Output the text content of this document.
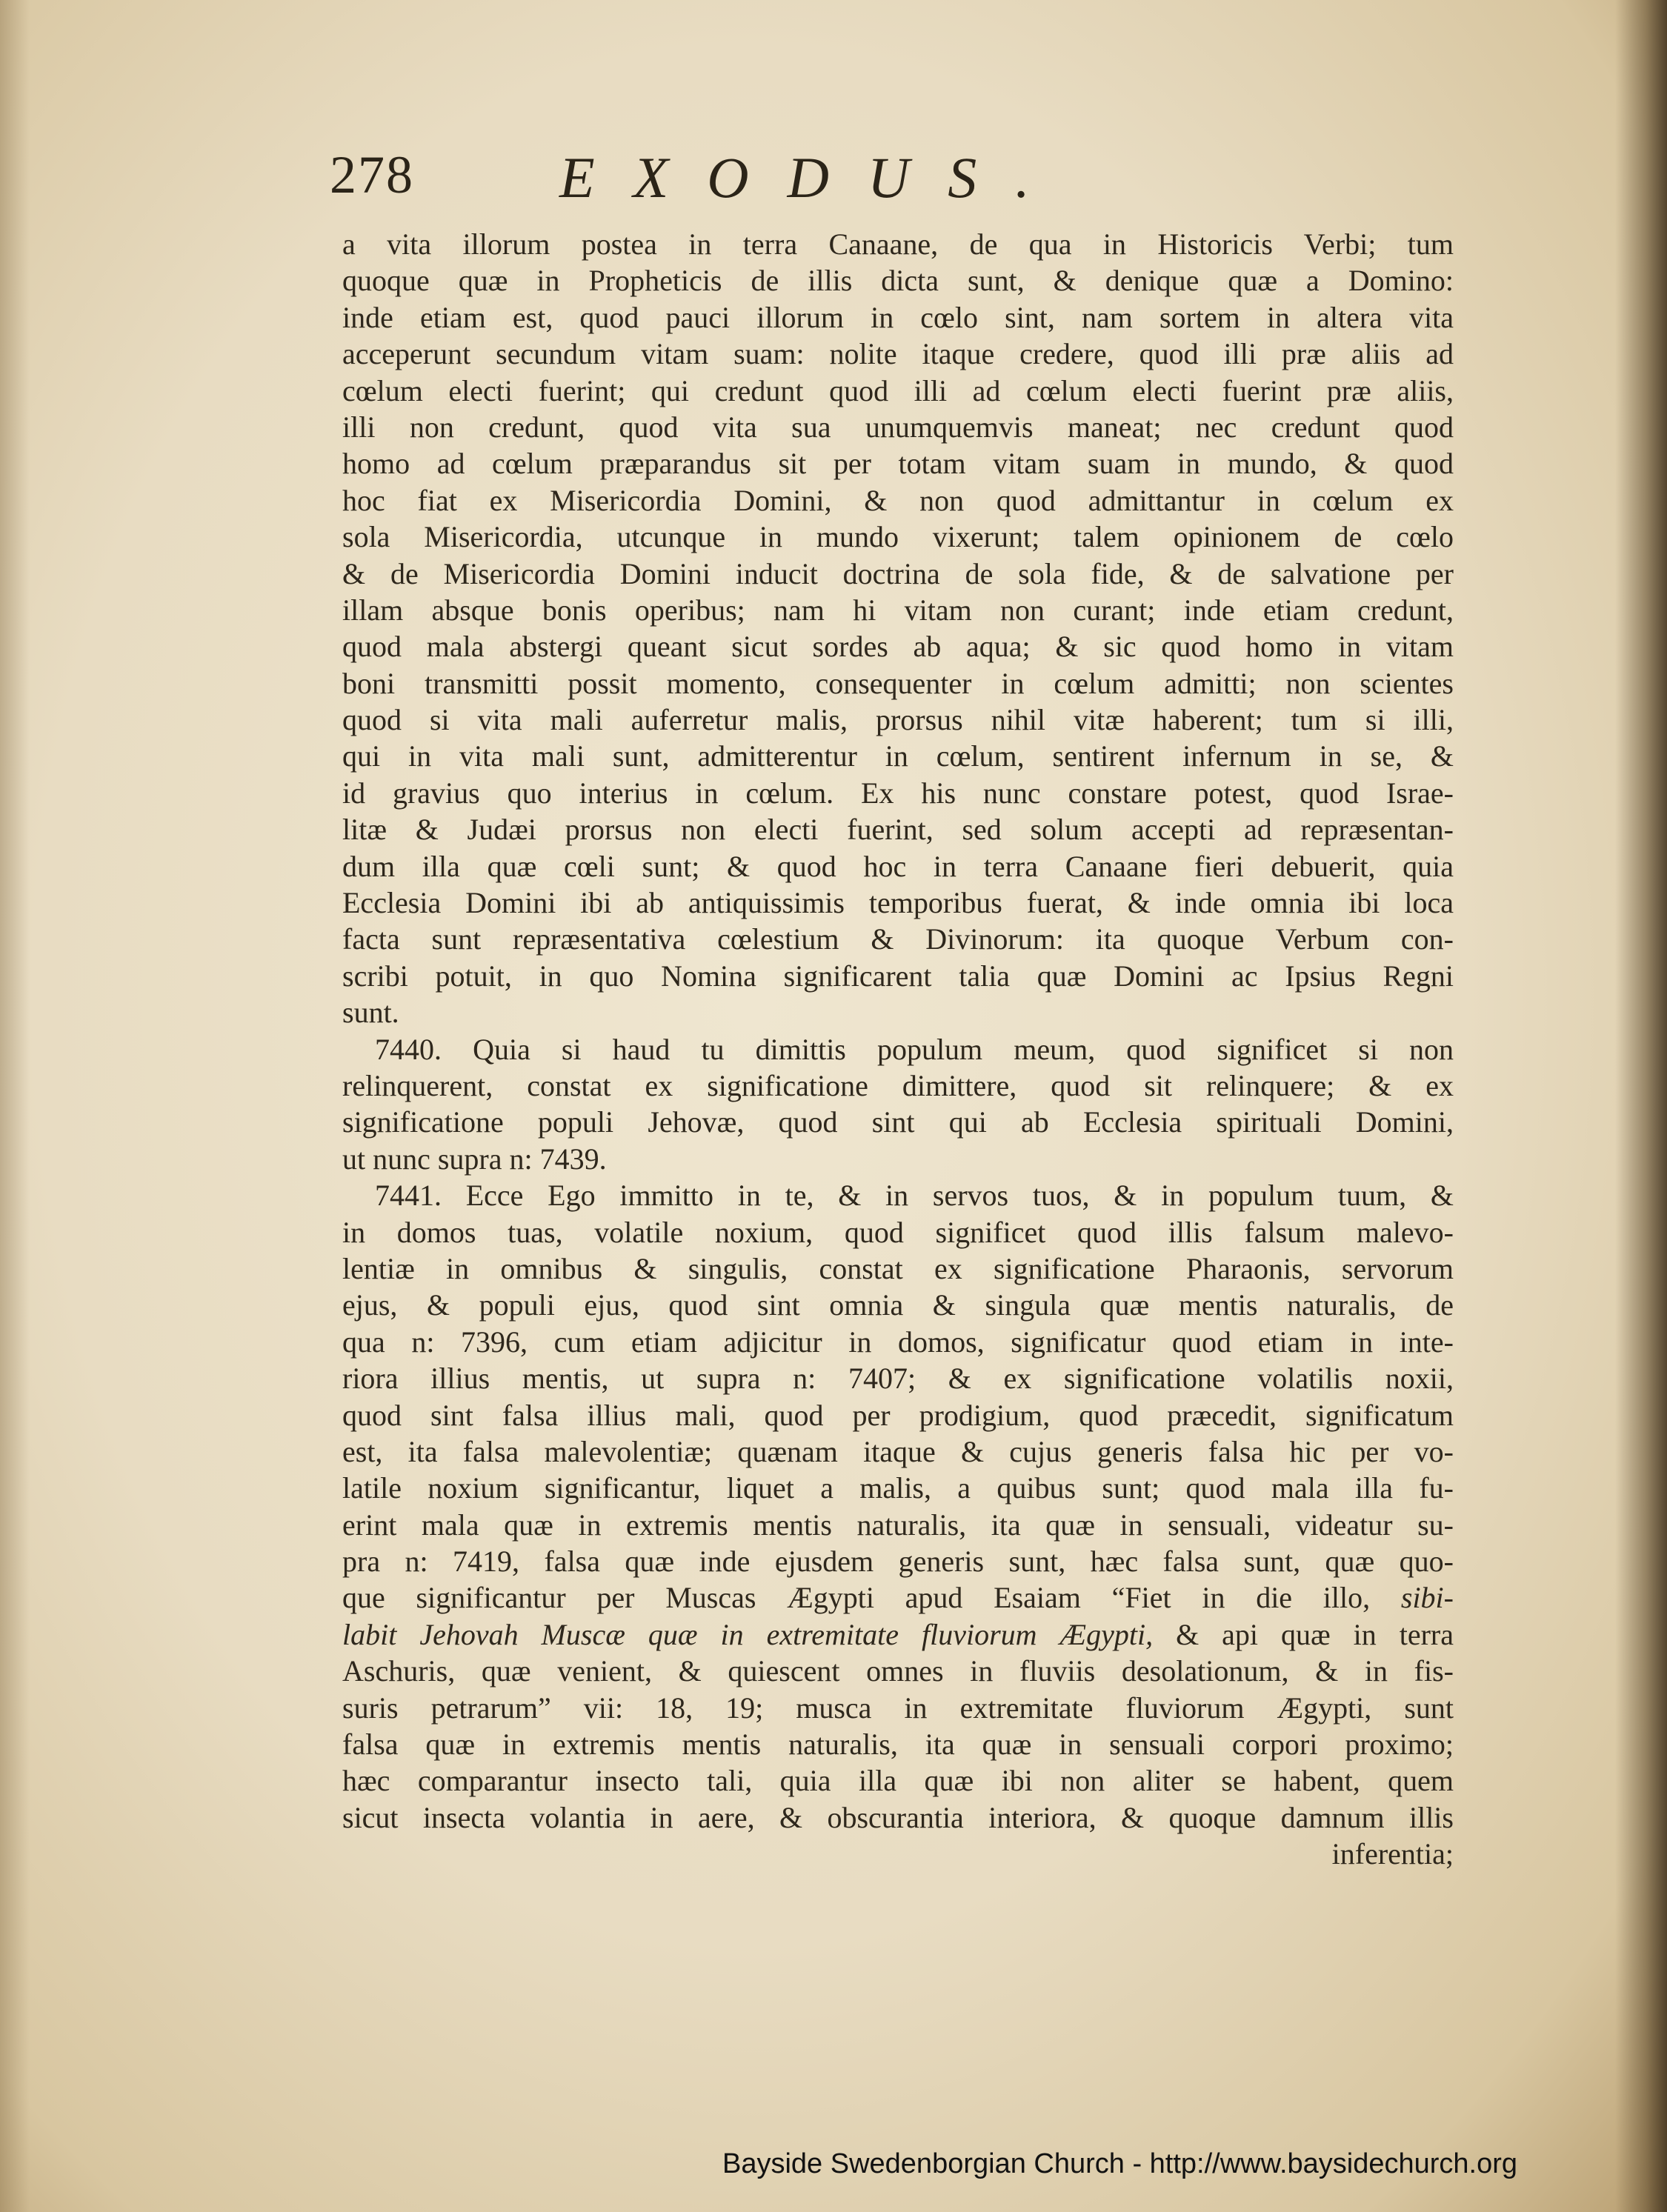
278	EXODUS.
a vita illorum postea in terra Canaane, de qua in Historicis Verbi; tum
quoque quæ in Propheticis de illis dicta sunt, & denique quæ a Domino:
inde etiam est, quod pauci illorum in cœlo sint, nam sortem in altera vita
acceperunt secundum vitam suam: nolite itaque credere, quod illi præ aliis ad
cœlum electi fuerint; qui credunt quod illi ad cœlum electi fuerint præ aliis,
illi non credunt, quod vita sua unumquemvis maneat; nec credunt quod
homo ad cœlum præparandus sit per totam vitam suam in mundo, & quod
hoc fiat ex Misericordia Domini, & non quod admittantur in cœlum ex
sola Misericordia, utcunque in mundo vixerunt; talem opinionem de cœlo
& de Misericordia Domini inducit doctrina de sola fide, & de salvatione per
illam absque bonis operibus; nam hi vitam non curant; inde etiam credunt,
quod mala abstergi queant sicut sordes ab aqua; & sic quod homo in vitam
boni transmitti possit momento, consequenter in cœlum admitti; non scientes
quod si vita mali auferretur malis, prorsus nihil vitæ haberent; tum si illi,
qui in vita mali sunt, admitterentur in cœlum, sentirent infernum in se, &
id gravius quo interius in cœlum. Ex his nunc constare potest, quod Israe-
litæ & Judæi prorsus non electi fuerint, sed solum accepti ad repræsentan-
dum illa quæ cœli sunt; & quod hoc in terra Canaane fieri debuerit, quia
Ecclesia Domini ibi ab antiquissimis temporibus fuerat, & inde omnia ibi loca
facta sunt repræsentativa cœlestium & Divinorum: ita quoque Verbum con-
scribi potuit, in quo Nomina significarent talia quæ Domini ac Ipsius Regni
sunt.
7440. Quia si haud tu dimittis populum meum, quod significet si non
relinquerent, constat ex significatione dimittere, quod sit relinquere; & ex
significatione populi Jehovæ, quod sint qui ab Ecclesia spirituali Domini,
ut nunc supra n: 7439.
7441. Ecce Ego immitto in te, & in servos tuos, & in populum tuum, &
in domos tuas, volatile noxium, quod significet quod illis falsum malevo-
lentiæ in omnibus & singulis, constat ex significatione Pharaonis, servorum
ejus, & populi ejus, quod sint omnia & singula quæ mentis naturalis, de
qua n: 7396, cum etiam adjicitur in domos, significatur quod etiam in inte-
riora illius mentis, ut supra n: 7407; & ex significatione volatilis noxii,
quod sint falsa illius mali, quod per prodigium, quod præcedit, significatum
est, ita falsa malevolentiæ; quænam itaque & cujus generis falsa hic per vo-
latile noxium significantur, liquet a malis, a quibus sunt; quod mala illa fu-
erint mala quæ in extremis mentis naturalis, ita quæ in sensuali, videatur su-
pra n: 7419, falsa quæ inde ejusdem generis sunt, hæc falsa sunt, quæ quo-
que significantur per Muscas Ægypti apud Esaiam “Fiet in die illo, sibi-
labit Jehovah Muscæ quæ in extremitate fluviorum Ægypti, & api quæ in terra
Aschuris, quæ venient, & quiescent omnes in fluviis desolationum, & in fis-
suris petrarum” vii: 18, 19; musca in extremitate fluviorum Ægypti, sunt
falsa quæ in extremis mentis naturalis, ita quæ in sensuali corpori proximo;
hæc comparantur insecto tali, quia illa quæ ibi non aliter se habent, quem
sicut insecta volantia in aere, & obscurantia interiora, & quoque damnum illis
inferentia;
Bayside Swedenborgian Church - http://www.baysidechurch.org
